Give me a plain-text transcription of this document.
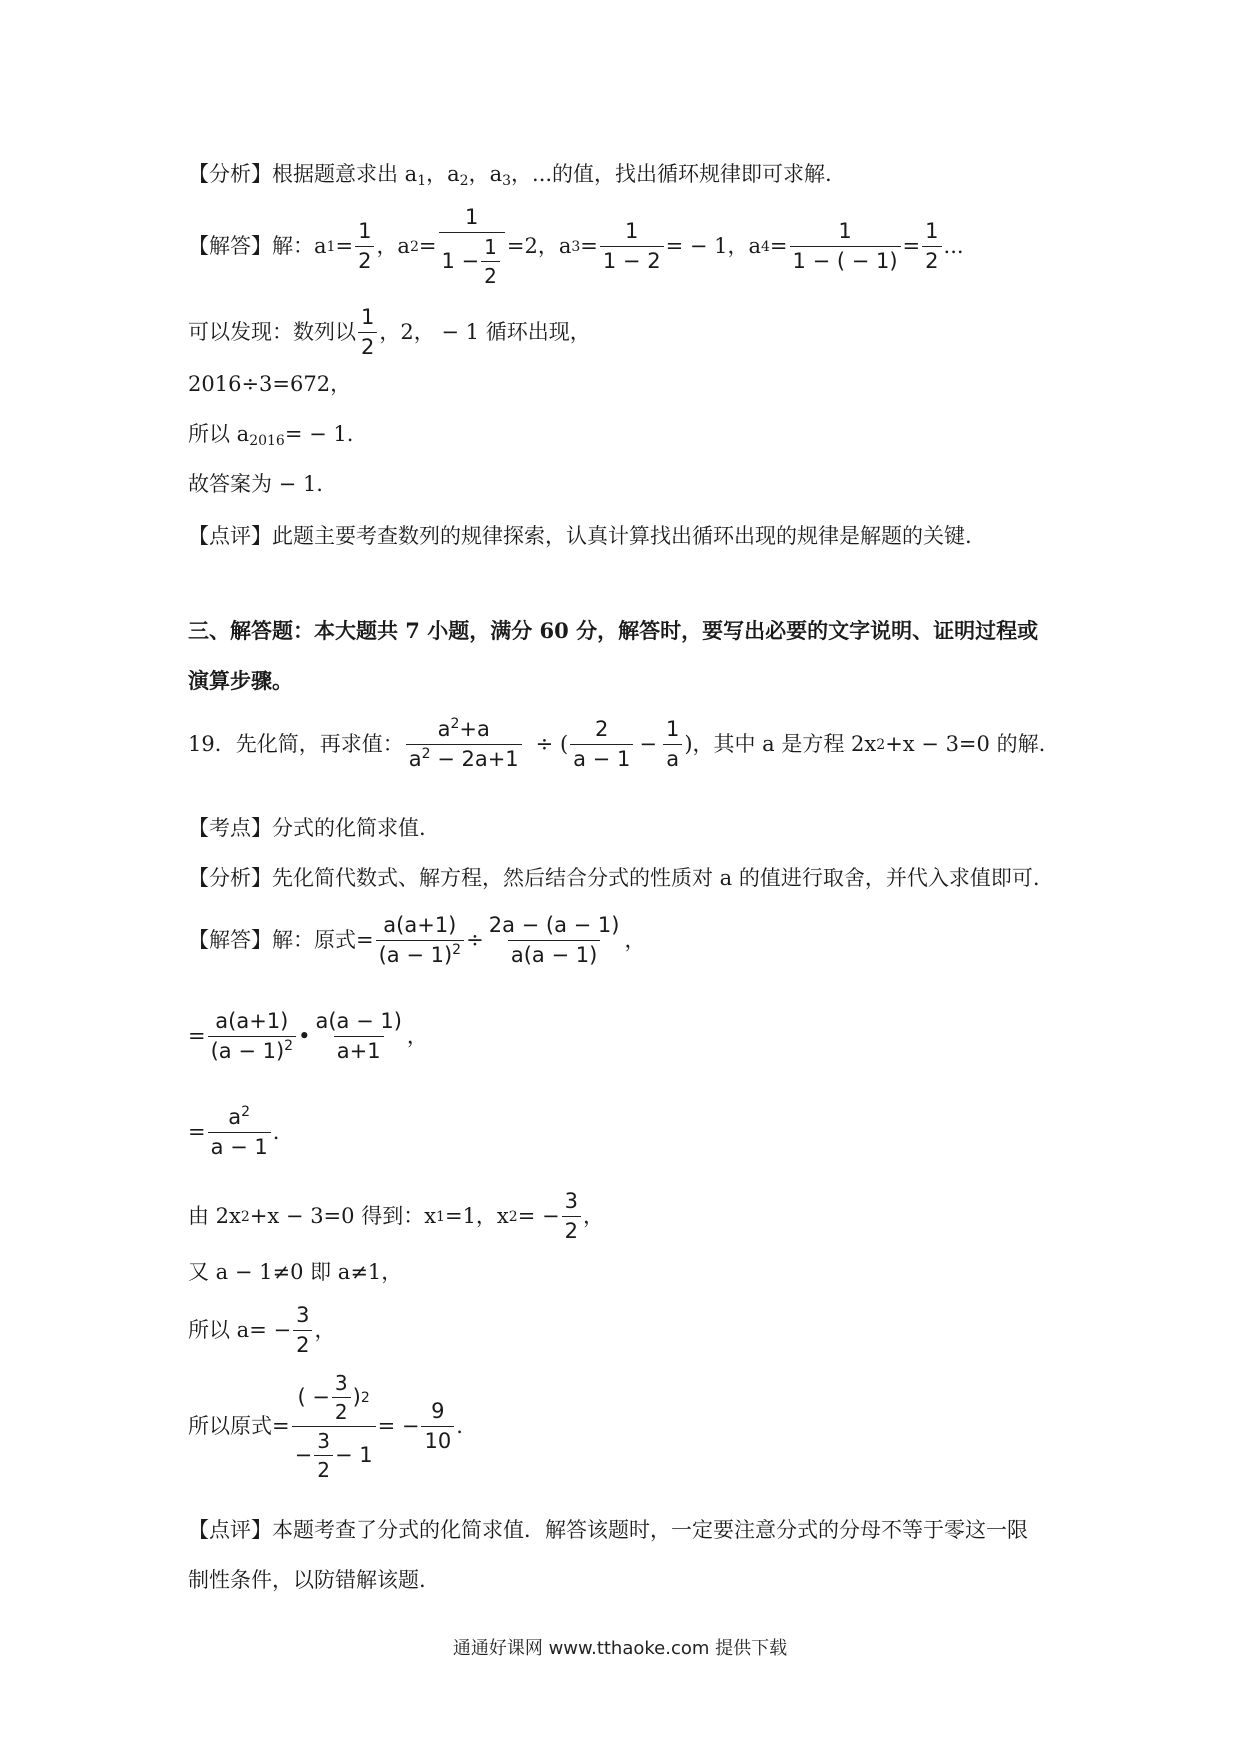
【分析】根据题意求出 $a_1$，$a_2$，$a_3$，...的值，找出循环规律即可求解.
【解答】 解：a $1 = \frac{1}{2}$ ，a $2 = \frac{1}{1 - \frac{1}{2}} =2$，a $3 = \frac{1}{1 - 2}$ = − 1，a $4 = \frac{1}{1 - ( - 1)} = \frac{1}{2}$ ...
可以发现：数列以 $\frac{1}{2}$ ，2， − 1 循环出现，
2016÷3=672，
所以 $a_{2016}= - 1$.
故答案为 − 1.
【点评】此题主要考查数列的规律探索，认真计算找出循环出现的规律是解题的关键.
三、解答题：本大题共 7 小题，满分 60 分，解答时，要写出必要的文字说明、证明过程或
演算步骤。
19．先化简，再求值： $\frac{a^2+a}{a^2 - 2a+1}$ ÷ ( $\frac{2}{a - 1} - \frac{1}{a}$ )，其中 a 是方程 2x 2 +x − 3=0 的解.
【考点】分式的化简求值.
【分析】先化简代数式、解方程，然后结合分式的性质对 a 的值进行取舍，并代入求值即可.
【解答】 解：原式= $\frac{a(a+1)}{(a - 1)^2} \div \frac{2a - (a - 1)}{a(a - 1)}$ ，
= $\frac{a(a+1)}{(a - 1)^2}$ • $\frac{a(a - 1)}{a+1}$ ，
= $\frac{a^2}{a - 1}$ .
由 2x 2 +x − 3=0 得到：x 1 =1，x 2 = − $\frac{3}{2}$ ，
又 a − 1≠0 即 a≠1，
所以 $a= - \frac{3}{2}$ ，
所以原式= $\frac{( - \frac{3}{2} ) 2}{- \frac{3}{2} - 1}$ = − $\frac{9}{10}$ .
【点评】本题考查了分式的化简求值．解答该题时，一定要注意分式的分母不等于零这一限
制性条件，以防错解该题.
通通好课网 www.tthaoke.com 提供下载
